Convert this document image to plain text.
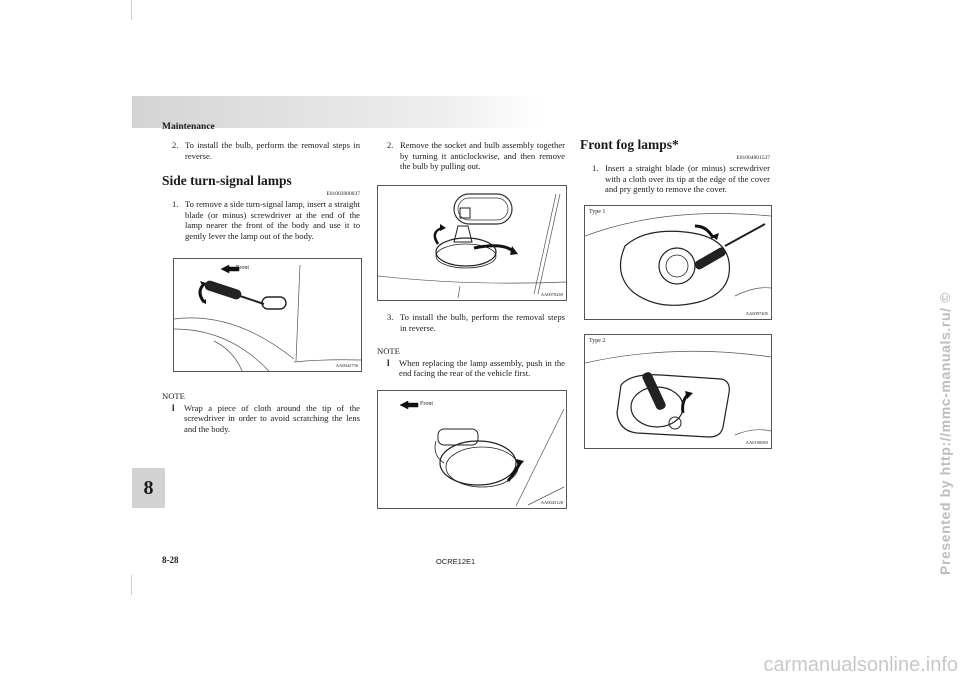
Maintenance
8
2. To install the bulb, perform the removal steps in reverse.
Side turn-signal lamps
E01003900037
1. To remove a side turn-signal lamp, insert a straight blade (or minus) screwdriver at the end of the lamp nearer the front of the body and use it to gently lever the lamp out of the body.
Front
AA0042756
NOTE
l	Wrap a piece of cloth around the tip of the screwdriver in order to avoid scratching the lens and the body.
2. Remove the socket and bulb assembly together by turning it anticlockwise, and then remove the bulb by pulling out.
AA0070269
3. To install the bulb, perform the removal steps in reverse.
NOTE
l	When replacing the lamp assembly, push in the end facing the rear of the vehicle first.
Front
AA0043128
Front fog lamps*
E01004001537
1. Insert a straight blade (or minus) screwdriver with a cloth over its tip at the edge of the cover and pry gently to remove the cover.
Type 1
AA0097405
Type 2
AA0100083
8-28	OCRE12E1	Presented by http://mmc-manuals.ru/ ©
carmanualsonline.info
